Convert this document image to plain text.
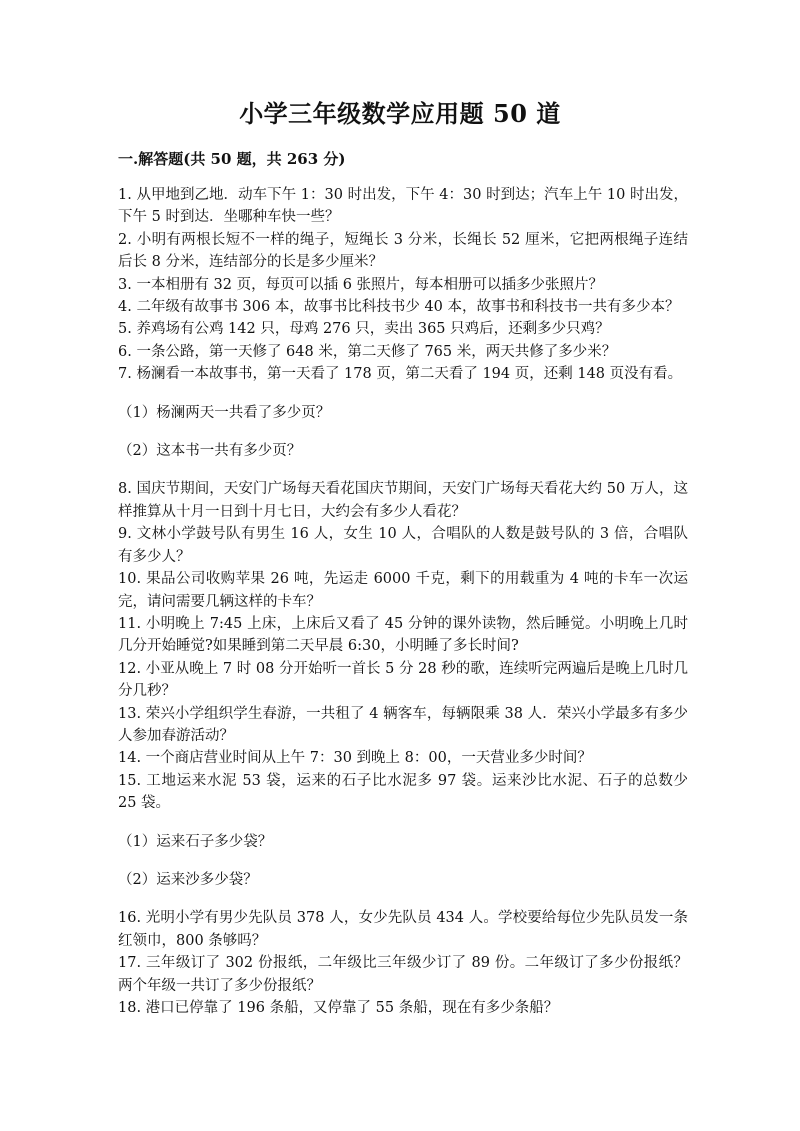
小学三年级数学应用题 50 道
一.解答题(共 50 题，共 263 分)

1. 从甲地到乙地．动车下午 1：30 时出发，下午 4：30 时到达；汽车上午 10 时出发，下午 5 时到达．坐哪种车快一些？

2. 小明有两根长短不一样的绳子，短绳长 3 分米，长绳长 52 厘米，它把两根绳子连结后长 8 分米，连结部分的长是多少厘米？

3. 一本相册有 32 页，每页可以插 6 张照片，每本相册可以插多少张照片？

4. 二年级有故事书 306 本，故事书比科技书少 40 本，故事书和科技书一共有多少本？

5. 养鸡场有公鸡 142 只，母鸡 276 只，卖出 365 只鸡后，还剩多少只鸡？

6. 一条公路，第一天修了 648 米，第二天修了 765 米，两天共修了多少米？

7. 杨澜看一本故事书，第一天看了 178 页，第二天看了 194 页，还剩 148 页没有看。

（1）杨澜两天一共看了多少页？

（2）这本书一共有多少页？

8. 国庆节期间，天安门广场每天看花国庆节期间，天安门广场每天看花大约 50 万人，这样推算从十月一日到十月七日，大约会有多少人看花？

9. 文林小学鼓号队有男生 16 人，女生 10 人，合唱队的人数是鼓号队的 3 倍，合唱队有多少人？

10. 果品公司收购苹果 26 吨，先运走 6000 千克，剩下的用载重为 4 吨的卡车一次运完，请问需要几辆这样的卡车？

11. 小明晚上 7:45 上床，上床后又看了 45 分钟的课外读物，然后睡觉。小明晚上几时几分开始睡觉?如果睡到第二天早晨 6:30，小明睡了多长时间?

12. 小亚从晚上 7 时 08 分开始听一首长 5 分 28 秒的歌，连续听完两遍后是晚上几时几分几秒？

13. 荣兴小学组织学生春游，一共租了 4 辆客车，每辆限乘 38 人．荣兴小学最多有多少人参加春游活动？

14. 一个商店营业时间从上午 7：30 到晚上 8：00，一天营业多少时间？

15. 工地运来水泥 53 袋，运来的石子比水泥多 97 袋。运来沙比水泥、石子的总数少 25 袋。

（1）运来石子多少袋？

（2）运来沙多少袋？

16. 光明小学有男少先队员 378 人，女少先队员 434 人。学校要给每位少先队员发一条红领巾，800 条够吗？

17. 三年级订了 302 份报纸，二年级比三年级少订了 89 份。二年级订了多少份报纸？两个年级一共订了多少份报纸？

18. 港口已停靠了 196 条船，又停靠了 55 条船，现在有多少条船？
